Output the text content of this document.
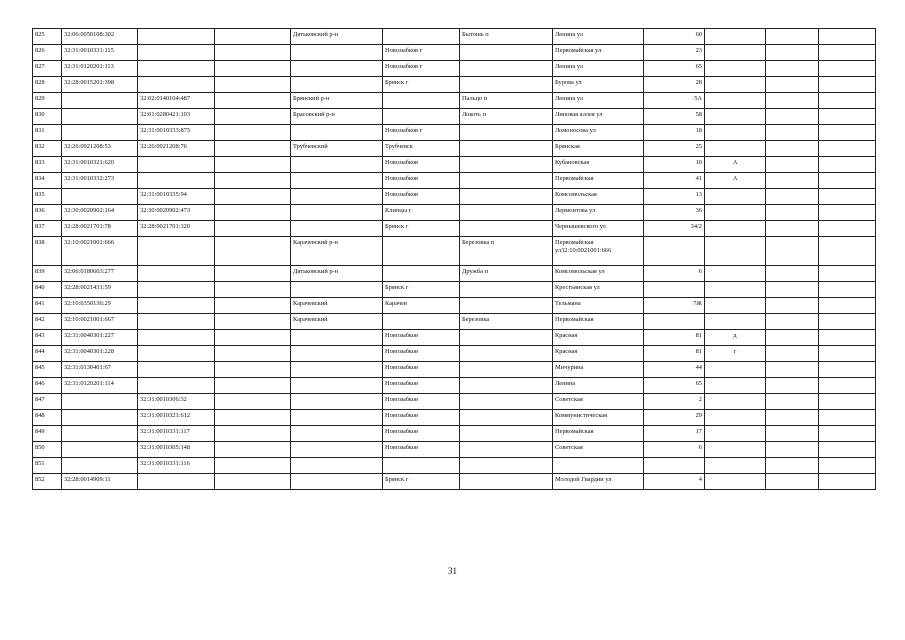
825	32:06:0050108:302			Дятьковский р-н		Бытошь п	Ленина ул	60			
826	32:31:0010331:115				Новозыбков г		Первомайская ул	23			
827	32:31:0120201:113				Новозыбков г		Ленина ул	65			
828	32:28:0015201:398				Брянск г		Бурова ул	28			
829		32:02:0140104:487		Брянский р-н		Пальцо п	Ленина ул	5А			
830		32:01:0280421:103		Брасовский р-н		Локоть п	Липовая аллея ул	58			
831		32:31:0010333:875			Новозыбков г		Ломоносова ул	18			
832	32:26:0921208:53	32:26:0921208:76		Трубчевский	Трубчевск		Брянская	25			
833	32:31:0010321:620				Новозыбков		Кубановская	10	А		
834	32:31:0010332:273				Новозыбков		Первомайская	41	А		
835		32:31:0010335:94			Новозыбков		Комсомольская	13			
836	32:30:0020902:164	32:30:0020902:473			Клинцы г		Лермонтова ул	36			
837	32:28:0021701:78	32:28:0021701:320			Брянск г		Чернышевского ул	34/2			
838	32:10:0021001:666			Карачевский р-н		Березовка п	Первомайская ул32:10:0021001:666				
839	32:06:0180603:277			Дятьковский р-н		Дружба п	Комсомольская ул	6			
840	32:28:0021431:59				Брянск г		Крестьянская ул				
841	32:10:0350136:29			Карачевский	Карачев		Тельмана	7Ж			
842	32:10:0021001:667			Карачевский		Березовка	Первомайская				
843	32:31:0040301:227				Новозыбков		Красная	81	д		
844	32:31:0040301:228				Новозыбков		Красная	81	г		
845	32:31:0130401:67				Новозыбков		Мичурина	44			
846	32:31:0120201:114				Новозыбков		Ленина	65			
847		32:31:0010306:32			Новозыбков		Советская	2			
848		32:31:0010321:612			Новозыбков		Коммунистическая	29			
849		32:31:0010331:117			Новозыбков		Первомайская	17			
850		32:31:0010305:148			Новозыбков		Советская	6			
851		32:31:0010331:116									
852	32:28:0014909:11				Брянск г		Молодой Гвардии ул	4			
31
